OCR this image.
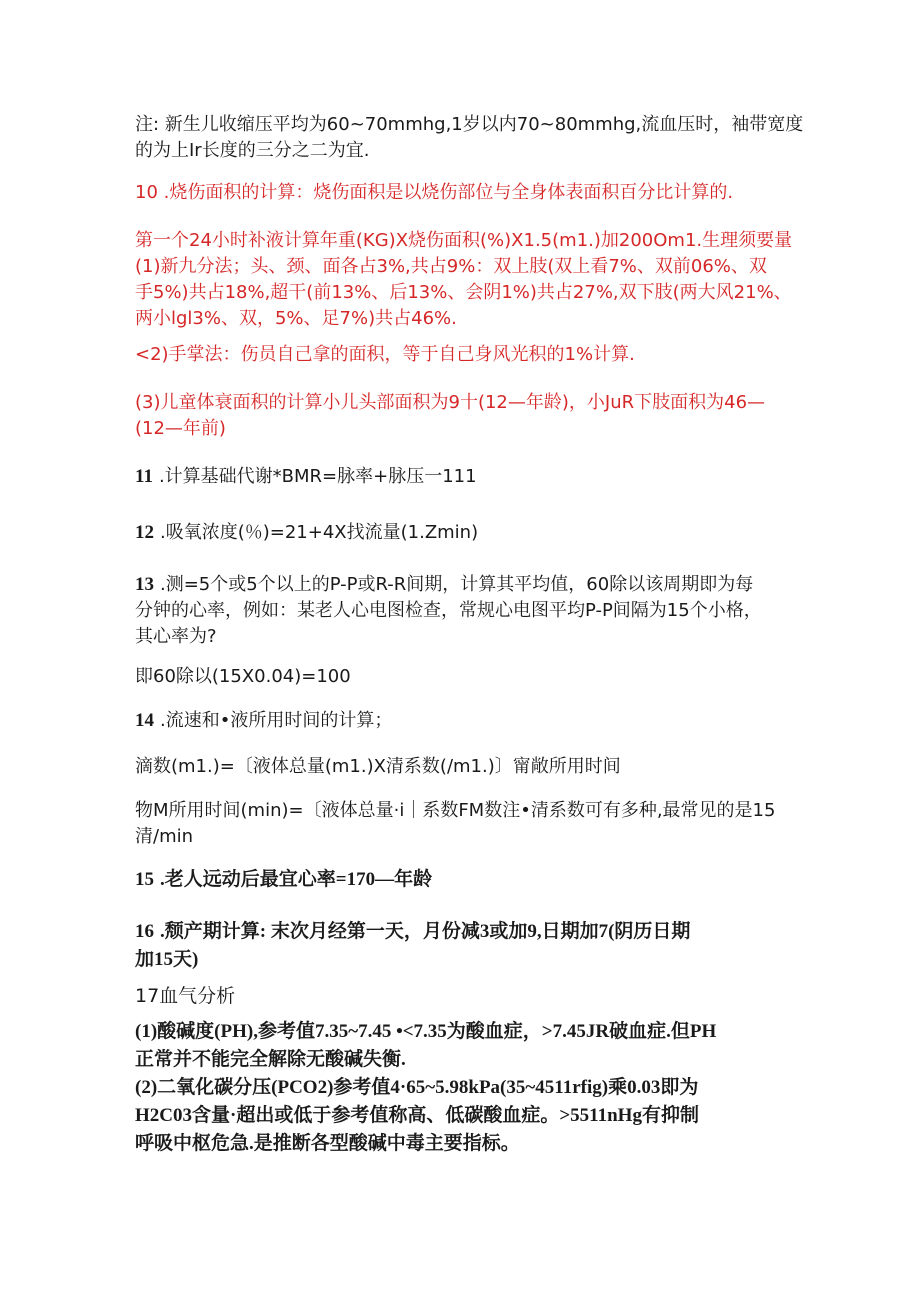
注: 新生儿收缩压平均为60~70mmhg,1岁以内70~80mmhg,流血压时，袖带宽度
的为上Ir长度的三分之二为宜.

10 .烧伤面积的计算：烧伤面积是以烧伤部位与全身体表面积百分比计算的.

第一个24小时补液计算年重(KG)X烧伤面积(%)X1.5(m1.)加200Om1.生理须要量
(1)新九分法；头、颈、面各占3%,共占9%：双上肢(双上看7%、双前06%、双
手5%)共占18%,超干(前13%、后13%、会阴1%)共占27%,双下肢(两大风21%、
两小lgl3%、双，5%、足7%)共占46%.

<2)手掌法：伤员自己拿的面积，等于自己身风光积的1%计算.

(3)儿童体衰面积的计算小儿头部面积为9十(12—年龄)，小JuR下肢面积为46—
(12—年前)

11 .计算基础代谢*BMR=脉率+脉压一111

12 .吸氧浓度(％)=21+4X找流量(1.Zmin)

13 .测=5个或5个以上的P-P或R-R间期，计算其平均值，60除以该周期即为每
分钟的心率，例如：某老人心电图检查，常规心电图平均P-P间隔为15个小格，
其心率为?

即60除以(15X0.04)=100

14 .流速和•液所用时间的计算；

滴数(m1.)=〔液体总量(m1.)X清系数(/m1.)〕甯敞所用时间

物M所用时间(min)=〔液体总量·i｜系数FM数注•清系数可有多种,最常见的是15
清/min

15 .老人远动后最宜心率=170—年龄

16 .颓产期计算: 末次月经第一天，月份减3或加9,日期加7(阴历日期
加15天)

17血气分析

(1)酸碱度(PH),参考值7.35~7.45 •<7.35为酸血症，>7.45JR破血症.但PH
正常并不能完全解除无酸碱失衡.

(2)二氧化碳分压(PCO2)参考值4·65~5.98kPa(35~4511rfig)乘0.03即为
H2C03含量·超出或低于参考值称高、低碳酸血症。>5511nHg有抑制
呼吸中枢危急.是推断各型酸碱中毒主要指标。
